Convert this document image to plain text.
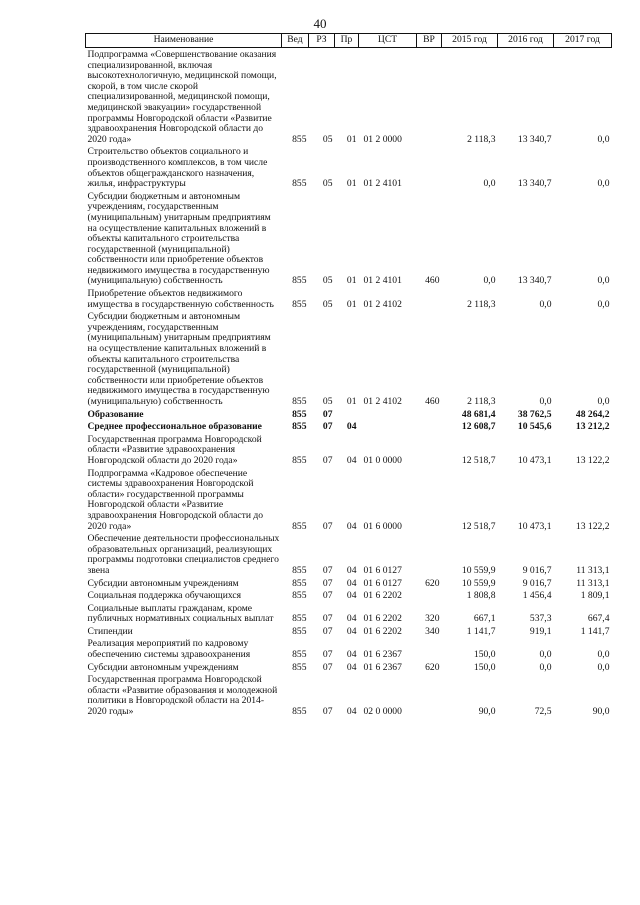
40
Наименование	Вед	РЗ	Пр	ЦСТ	ВР	2015 год	2016 год	2017 год
Подпрограмма «Совершенствование оказания специализированной, включая высокотехнологичную, медицинской помощи, скорой, в том числе скорой специализированной, медицинской помощи, медицинской эвакуации» государственной программы Новгородской области «Развитие здравоохранения Новгородской области до 2020 года»	855	05	01	01 2 0000		2 118,3	13 340,7	0,0
Строительство объектов социального и производственного комплексов, в том числе объектов общегражданского назначения, жилья, инфраструктуры	855	05	01	01 2 4101		0,0	13 340,7	0,0
Субсидии бюджетным и автономным учреждениям, государственным (муниципальным) унитарным предприятиям на осуществление капитальных вложений в объекты капитального строительства государственной (муниципальной) собственности или приобретение объектов недвижимого имущества в государственную (муниципальную) собственность	855	05	01	01 2 4101	460	0,0	13 340,7	0,0
Приобретение объектов недвижимого имущества в государственную собственность	855	05	01	01 2 4102		2 118,3	0,0	0,0
Субсидии бюджетным и автономным учреждениям, государственным (муниципальным) унитарным предприятиям на осуществление капитальных вложений в объекты капитального строительства государственной (муниципальной) собственности или приобретение объектов недвижимого имущества в государственную (муниципальную) собственность	855	05	01	01 2 4102	460	2 118,3	0,0	0,0
Образование	855	07				48 681,4	38 762,5	48 264,2
Среднее профессиональное образование	855	07	04			12 608,7	10 545,6	13 212,2
Государственная программа Новгородской области «Развитие здравоохранения Новгородской области до 2020 года»	855	07	04	01 0 0000		12 518,7	10 473,1	13 122,2
Подпрограмма «Кадровое обеспечение системы здравоохранения Новгородской области» государственной программы Новгородской области «Развитие здравоохранения Новгородской области до 2020 года»	855	07	04	01 6 0000		12 518,7	10 473,1	13 122,2
Обеспечение деятельности профессиональных образовательных организаций, реализующих программы подготовки специалистов среднего звена	855	07	04	01 6 0127		10 559,9	9 016,7	11 313,1
Субсидии автономным учреждениям	855	07	04	01 6 0127	620	10 559,9	9 016,7	11 313,1
Социальная поддержка обучающихся	855	07	04	01 6 2202		1 808,8	1 456,4	1 809,1
Социальные выплаты гражданам, кроме публичных нормативных социальных выплат	855	07	04	01 6 2202	320	667,1	537,3	667,4
Стипендии	855	07	04	01 6 2202	340	1 141,7	919,1	1 141,7
Реализация мероприятий по кадровому обеспечению системы здравоохранения	855	07	04	01 6 2367		150,0	0,0	0,0
Субсидии автономным учреждениям	855	07	04	01 6 2367	620	150,0	0,0	0,0
Государственная программа Новгородской области «Развитие образования и молодежной политики в Новгородской области на 2014-2020 годы»	855	07	04	02 0 0000		90,0	72,5	90,0
